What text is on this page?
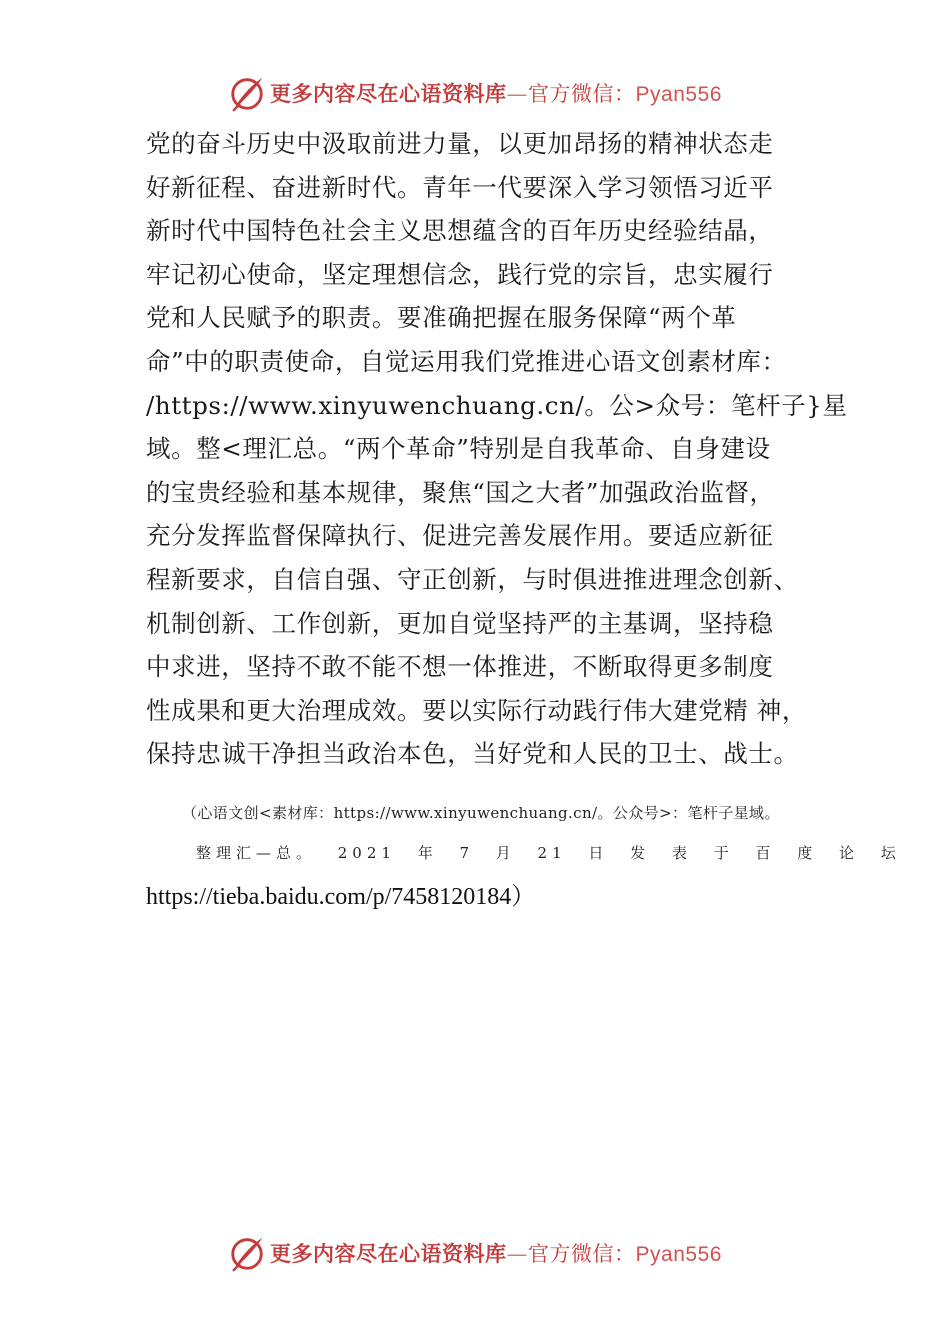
更多内容尽在心语资料库—官方微信：Pyan556
党的奋斗历史中汲取前进力量，以更加昂扬的精神状态走
好新征程、奋进新时代。青年一代要深入学习领悟习近平
新时代中国特色社会主义思想蕴含的百年历史经验结晶，
牢记初心使命，坚定理想信念，践行党的宗旨，忠实履行
党和人民赋予的职责。要准确把握在服务保障“两个革
命”中的职责使命，自觉运用我们党推进心语文创素材库：
/https://www.xinyuwenchuang.cn/。公>众号：笔杆子}星
域。整<理汇总。“两个革命”特别是自我革命、自身建设
的宝贵经验和基本规律，聚焦“国之大者”加强政治监督，
充分发挥监督保障执行、促进完善发展作用。要适应新征
程新要求，自信自强、守正创新，与时俱进推进理念创新、
机制创新、工作创新，更加自觉坚持严的主基调，坚持稳
中求进，坚持不敢不能不想一体推进，不断取得更多制度
性成果和更大治理成效。要以实际行动践行伟大建党精 神，
保持忠诚干净担当政治本色，当好党和人民的卫士、战士。
（心语文创<素材库：https://www.xinyuwenchuang.cn/。公众号>：笔杆子星域。
整理汇—总。 2021 年 7 月 21 日 发 表 于 百 度 论 坛
https://tieba.baidu.com/p/7458120184）
更多内容尽在心语资料库—官方微信：Pyan556
